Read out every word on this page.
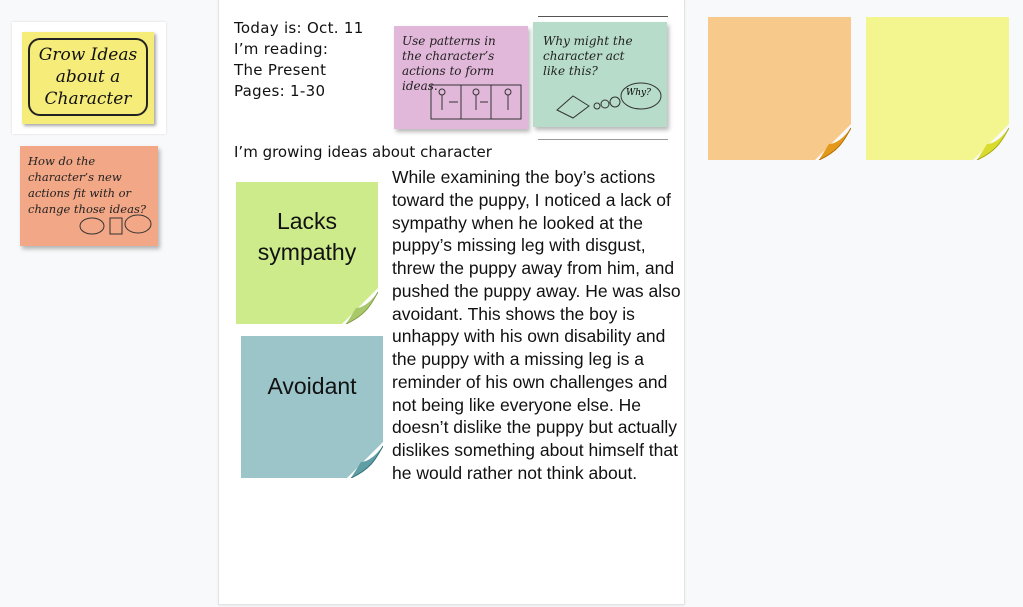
Grow Ideas
about a
Character
How do the character’s new actions fit with or change those ideas?
Today is: Oct. 11
I’m reading:
The Present
Pages: 1-30
Use patterns in the character’s actions to form ideas.
Why might the character act like this?
Why?
I’m growing ideas about character
Lacks sympathy
Avoidant
While examining the boy’s actions toward the puppy, I noticed a lack of sympathy when he looked at the puppy’s missing leg with disgust, threw the puppy away from him, and pushed the puppy away. He was also avoidant. This shows the boy is unhappy with his own disability and the puppy with a missing leg is a reminder of his own challenges and not being like everyone else. He doesn’t dislike the puppy but actually dislikes something about himself that he would rather not think about.
